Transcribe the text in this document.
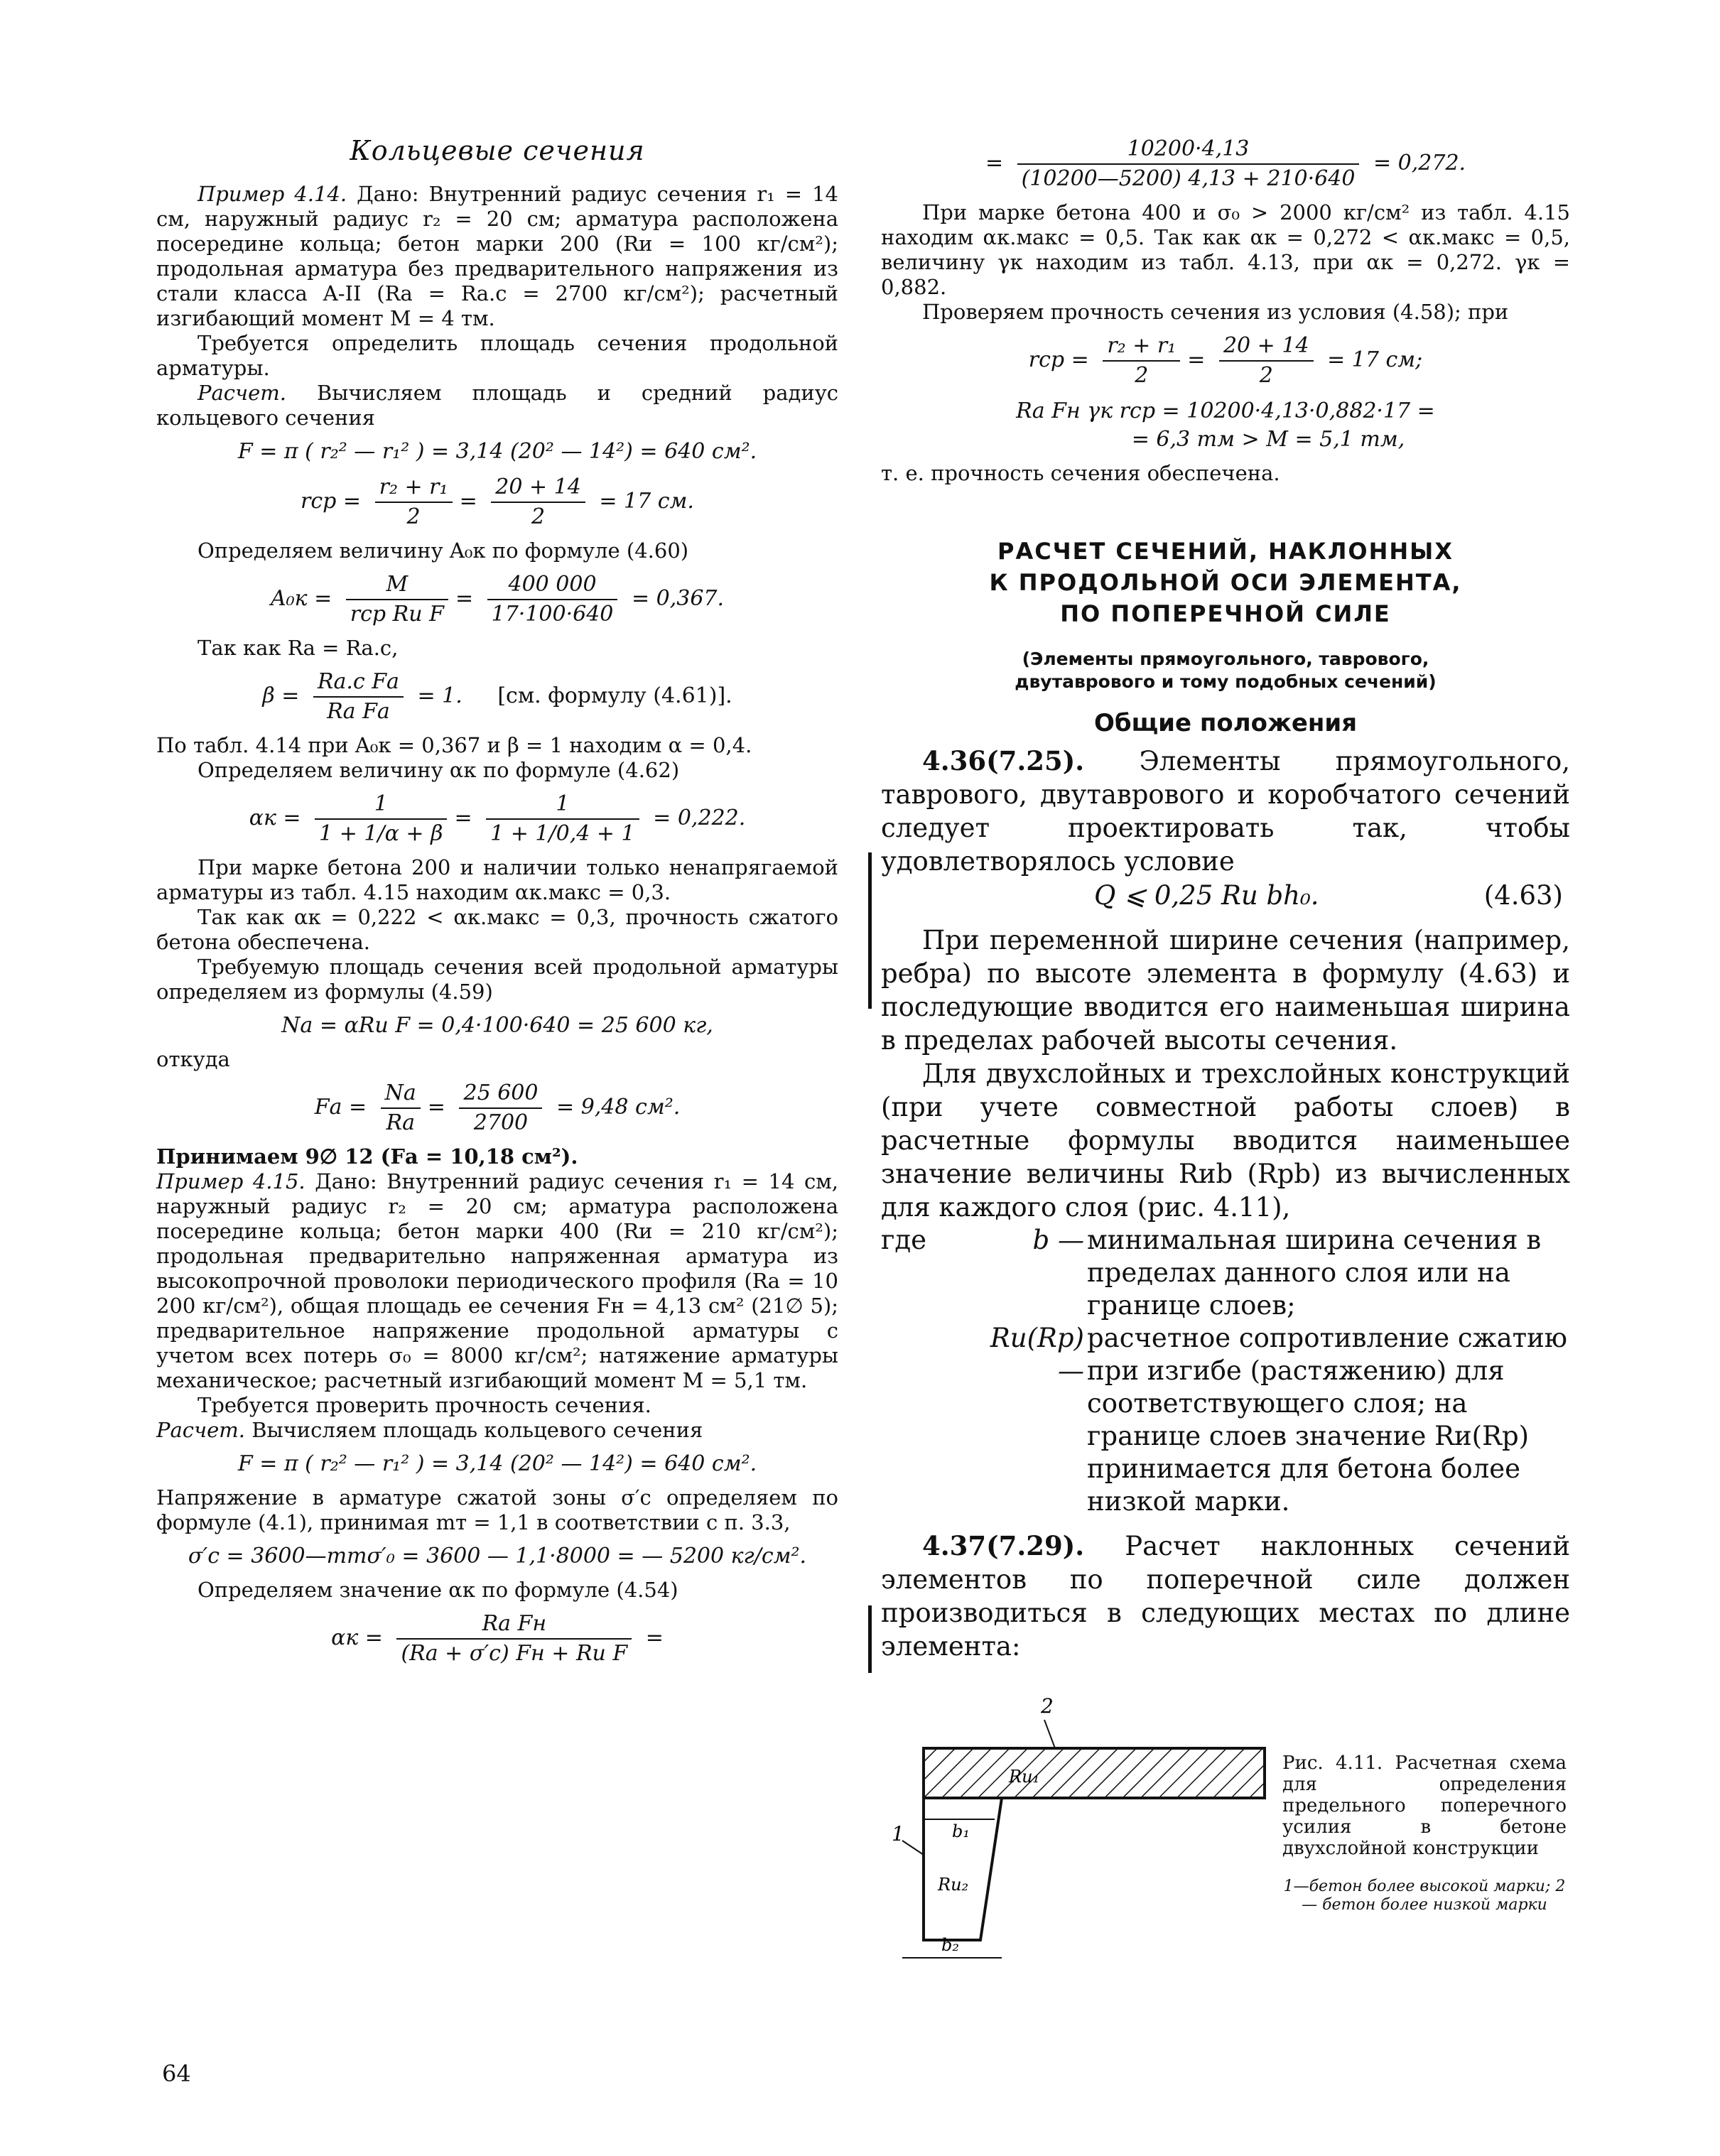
Кольцевые сечения

Пример 4.14. Дано: Внутренний радиус сечения r₁ = 14 см, наружный радиус r₂ = 20 см; арматура расположена посередине кольца; бетон марки 200 (Rи = 100 кг/см²); продольная арматура без предварительного напряжения из стали класса A-II (Rа = Rа.с = 2700 кг/см²); расчетный изгибающий момент M = 4 тм.

Требуется определить площадь сечения продольной арматуры.

Расчет. Вычисляем площадь и средний радиус кольцевого сечения

F = π ( r₂² — r₁² ) = 3,14 (20² — 14²) = 640 см².
rср = $\frac{\text{r₂ + r₁}}{2} = \frac{20 + 14}{2} = 17$ см.

Определяем величину A₀к по формуле (4.60)

$A_0к = \frac{M}{\text{rср Rи F}} = \frac{400 000}{17\cdot 100\cdot 640} = 0,367$.

Так как Rа = Rа.с,

$\beta = \frac{\text{Rа.с Fа}}{\text{Rа Fа}} = 1$. [см. формулу (4.61)].

По табл. 4.14 при A₀к = 0,367 и β = 1 находим α = 0,4.

Определяем величину αк по формуле (4.62)

$\alpha к = \frac{1}{1 + 1/\alpha + \beta} = \frac{1}{1 + 1/0,4 + 1} = 0,222$.

При марке бетона 200 и наличии только ненапрягаемой арматуры из табл. 4.15 находим αк.макс = 0,3.

Так как αк = 0,222 < αк.макс = 0,3, прочность сжатого бетона обеспечена.

Требуемую площадь сечения всей продольной арматуры определяем из формулы (4.59)

Nа = αRи F = 0,4·100·640 = 25 600 кг,

откуда

Fа = $\frac{Nа}{Rа} = \frac{25 600}{2700} = 9,48$ см².

Принимаем 9∅ 12 (Fа = 10,18 см²).

Пример 4.15. Дано: Внутренний радиус сечения r₁ = 14 см, наружный радиус r₂ = 20 см; арматура расположена посередине кольца; бетон марки 400 (Rи = 210 кг/см²); продольная предварительно напряженная арматура из высокопрочной проволоки периодического профиля (Rа = 10 200 кг/см²), общая площадь ее сечения Fн = 4,13 см² (21∅ 5); предварительное напряжение продольной арматуры с учетом всех потерь σ₀ = 8000 кг/см²; натяжение арматуры механическое; расчетный изгибающий момент M = 5,1 тм.

Требуется проверить прочность сечения.

Расчет. Вычисляем площадь кольцевого сечения

F = π ( r₂² — r₁² ) = 3,14 (20² — 14²) = 640 см².

Напряжение в арматуре сжатой зоны σ′с определяем по формуле (4.1), принимая mт = 1,1 в соответствии с п. 3.3,

σ′с = 3600—mтσ′₀ = 3600 — 1,1·8000 = — 5200 кг/см².

Определяем значение αк по формуле (4.54)

$\alpha к = \frac{\text{Rа Fн}}{\text{(Rа + σ′с) Fн + Rи F}}$ =
= $\frac{10200\cdot 4,13}{(10200—5200) 4,13 + 210\cdot 640} = 0,272$.

При марке бетона 400 и σ₀ > 2000 кг/см² из табл. 4.15 находим αк.макс = 0,5. Так как αк = 0,272 < αк.макс = 0,5, величину γк находим из табл. 4.13, при αк = 0,272. γк = 0,882.

Проверяем прочность сечения из условия (4.58); при

rср = $\frac{\text{r₂ + r₁}}{2} = \frac{20 + 14}{2} = 17$ см;
Rа Fн γк rср = 10200·4,13·0,882·17 =
= 6,3 тм > M = 5,1 тм,

т. е. прочность сечения обеспечена.

РАСЧЕТ СЕЧЕНИЙ, НАКЛОННЫХ

К ПРОДОЛЬНОЙ ОСИ ЭЛЕМЕНТА,

ПО ПОПЕРЕЧНОЙ СИЛЕ

(Элементы прямоугольного, таврового,

двутаврового и тому подобных сечений)

Общие положения

4.36(7.25). Элементы прямоугольного, таврового, двутаврового и коробчатого сечений следует проектировать так, чтобы удовлетворялось условие

Q ⩽ 0,25 Rи bh₀.	(4.63)

При переменной ширине сечения (например, ребра) по высоте элемента в формулу (4.63) и последующие вводится его наименьшая ширина в пределах рабочей высоты сечения.

Для двухслойных и трехслойных конструкций (при учете совместной работы слоев) в расчетные формулы вводится наименьшее значение величины Rиb (Rрb) из вычисленных для каждого слоя (рис. 4.11),

где	b — минимальная ширина сечения в пределах данного слоя или на границе слоев;
Rи(Rр) —
расчетное сопротивление сжатию при изгибе (растяжению) для соответствующего слоя; на границе слоев значение Rи(Rр) принимается для бетона более низкой марки.

4.37(7.29). Расчет наклонных сечений элементов по поперечной силе должен производиться в следующих местах по длине элемента:

2
1
Rи₁
Rи₂
b₁
b₂

Рис. 4.11. Расчетная схема для определения предельного поперечного усилия в бетоне двухслойной конструкции

1—бетон более высокой марки; 2 — бетон более низкой марки

64
